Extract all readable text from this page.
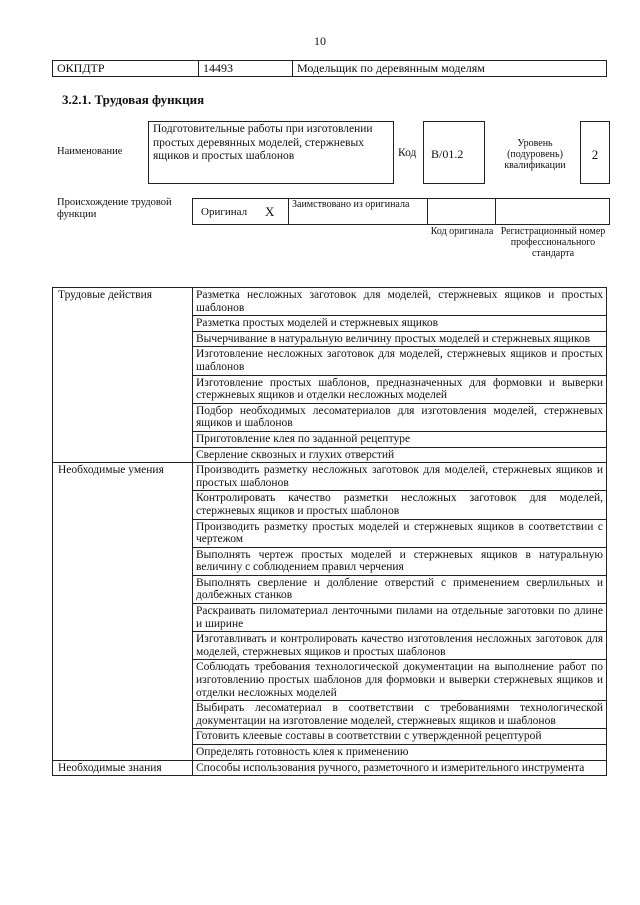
10
ОКПДТР	14493	Модельщик по деревянным моделям
3.2.1. Трудовая функция
Наименование
Подготовительные работы при изготовлении простых деревянных моделей, стержневых ящиков и простых шаблонов	Код	B/01.2
Уровень (подуровень) квалификации
2
Происхождение трудовой функции	Оригинал X	Заимствовано из оригинала
Код оригинала Регистрационный номер профессионального стандарта
Трудовые действия	Разметка несложных заготовок для моделей, стержневых ящиков и простых шаблонов
	Разметка простых моделей и стержневых ящиков
	Вычерчивание в натуральную величину простых моделей и стержневых ящиков
	Изготовление несложных заготовок для моделей, стержневых ящиков и простых шаблонов
	Изготовление простых шаблонов, предназначенных для формовки и выверки стержневых ящиков и отделки несложных моделей
	Подбор необходимых лесоматериалов для изготовления моделей, стержневых ящиков и шаблонов
	Приготовление клея по заданной рецептуре
	Сверление сквозных и глухих отверстий
Необходимые умения	Производить разметку несложных заготовок для моделей, стержневых ящиков и простых шаблонов
	Контролировать качество разметки несложных заготовок для моделей, стержневых ящиков и простых шаблонов
	Производить разметку простых моделей и стержневых ящиков в соответствии с чертежом
	Выполнять чертеж простых моделей и стержневых ящиков в натуральную величину с соблюдением правил черчения
	Выполнять сверление и долбление отверстий с применением сверлильных и долбежных станков
	Раскраивать пиломатериал ленточными пилами на отдельные заготовки по длине и ширине
	Изготавливать и контролировать качество изготовления несложных заготовок для моделей, стержневых ящиков и простых шаблонов
	Соблюдать требования технологической документации на выполнение работ по изготовлению простых шаблонов для формовки и выверки стержневых ящиков и отделки несложных моделей
	Выбирать лесоматериал в соответствии с требованиями технологической документации на изготовление моделей, стержневых ящиков и шаблонов
	Готовить клеевые составы в соответствии с утвержденной рецептурой
	Определять готовность клея к применению
Необходимые знания	Способы использования ручного, разметочного и измерительного инструмента
